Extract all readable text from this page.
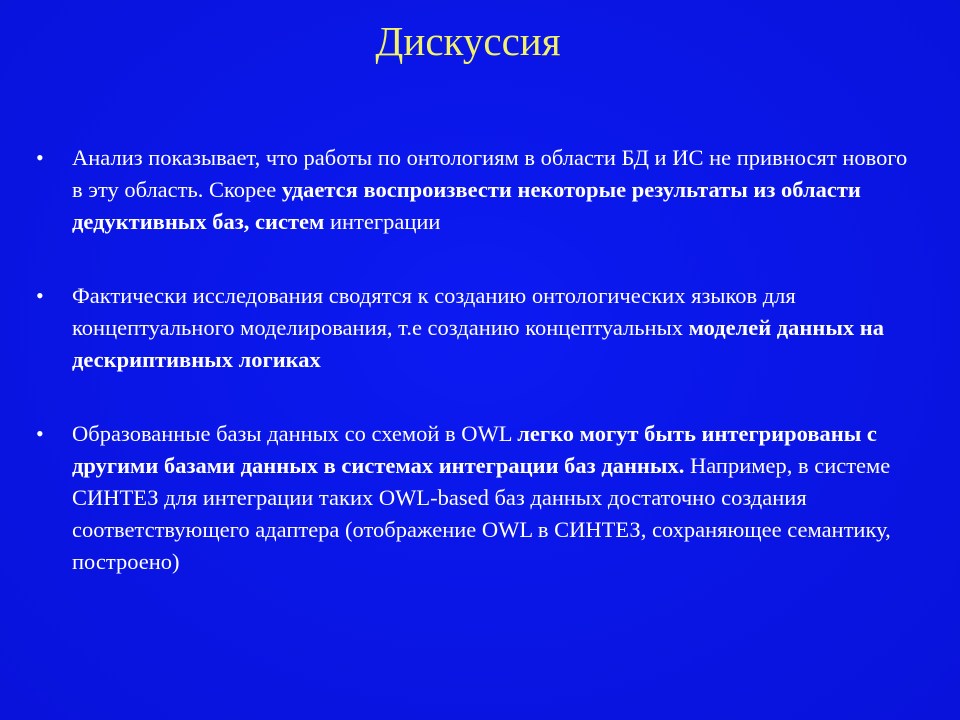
Дискуссия
•	Анализ показывает, что работы по онтологиям в области БД и ИС не привносят нового в эту область. Скорее удается воспроизвести некоторые результаты из области дедуктивных баз, систем интеграции
•	Фактически исследования сводятся к созданию онтологических языков для концептуального моделирования, т.е созданию концептуальных моделей данных на дескриптивных логиках
•	Образованные базы данных со схемой в OWL легко могут быть интегрированы с другими базами данных в системах интеграции баз данных. Например, в системе СИНТЕЗ для интеграции таких OWL-based баз данных достаточно создания соответствующего адаптера (отображение OWL в СИНТЕЗ, сохраняющее семантику, построено)
